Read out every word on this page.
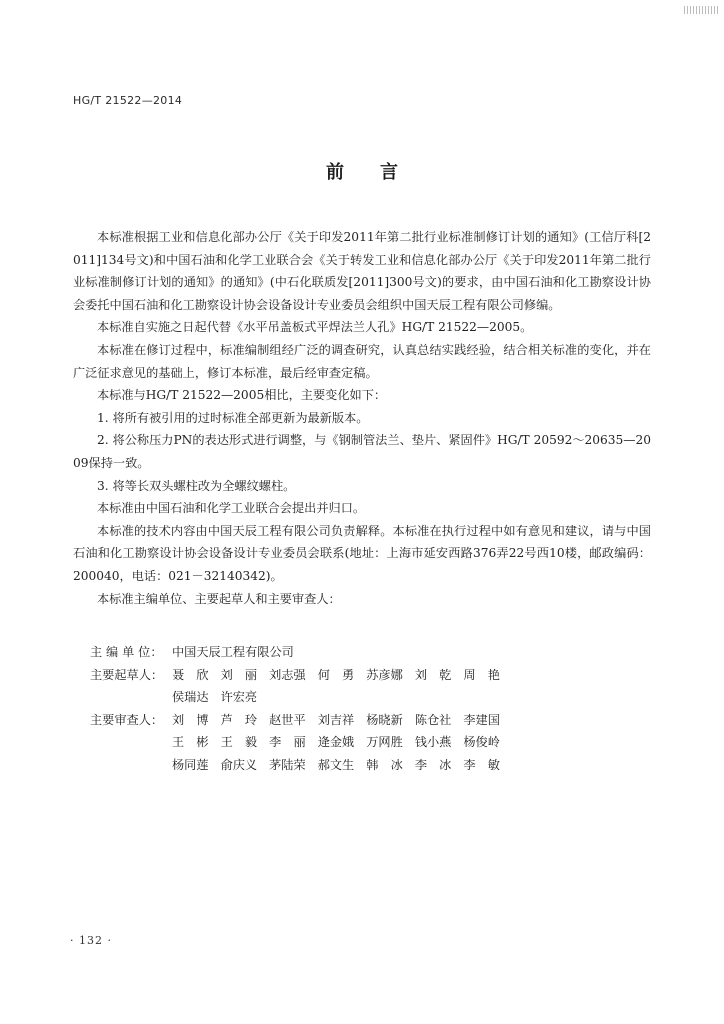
HG/T 21522—2014
前言

本标准根据工业和信息化部办公厅《关于印发2011年第二批行业标准制修订计划的通知》(工信厅科[2011]134号文)和中国石油和化学工业联合会《关于转发工业和信息化部办公厅《关于印发2011年第二批行业标准制修订计划的通知》的通知》(中石化联质发[2011]300号文)的要求，由中国石油和化工勘察设计协会委托中国石油和化工勘察设计协会设备设计专业委员会组织中国天辰工程有限公司修编。

本标准自实施之日起代替《水平吊盖板式平焊法兰人孔》HG/T 21522—2005。

本标准在修订过程中，标准编制组经广泛的调查研究，认真总结实践经验，结合相关标准的变化，并在广泛征求意见的基础上，修订本标准，最后经审查定稿。

本标准与HG/T 21522—2005相比，主要变化如下：

1. 将所有被引用的过时标准全部更新为最新版本。

2. 将公称压力PN的表达形式进行调整，与《钢制管法兰、垫片、紧固件》HG/T 20592～20635—2009保持一致。

3. 将等长双头螺柱改为全螺纹螺柱。

本标准由中国石油和化学工业联合会提出并归口。

本标准的技术内容由中国天辰工程有限公司负责解释。本标准在执行过程中如有意见和建议，请与中国石油和化工勘察设计协会设备设计专业委员会联系(地址：上海市延安西路376弄22号西10楼，邮政编码：200040，电话：021－32140342)。

本标准主编单位、主要起草人和主要审查人：

主 编 单 位： 中国天辰工程有限公司
主要起草人： 聂　欣 刘　丽 刘志强 何　勇 苏彦娜 刘　乾 周　艳
侯瑞达 许宏亮
主要审查人： 刘　博 芦　玲 赵世平 刘吉祥 杨晓新 陈仓社 李建国
王　彬 王　毅 李　丽 逄金娥 万网胜 钱小燕 杨俊岭
杨同莲 俞庆义 茅陆荣 郝文生 韩　冰 李　冰 李　敏
· 132 ·
